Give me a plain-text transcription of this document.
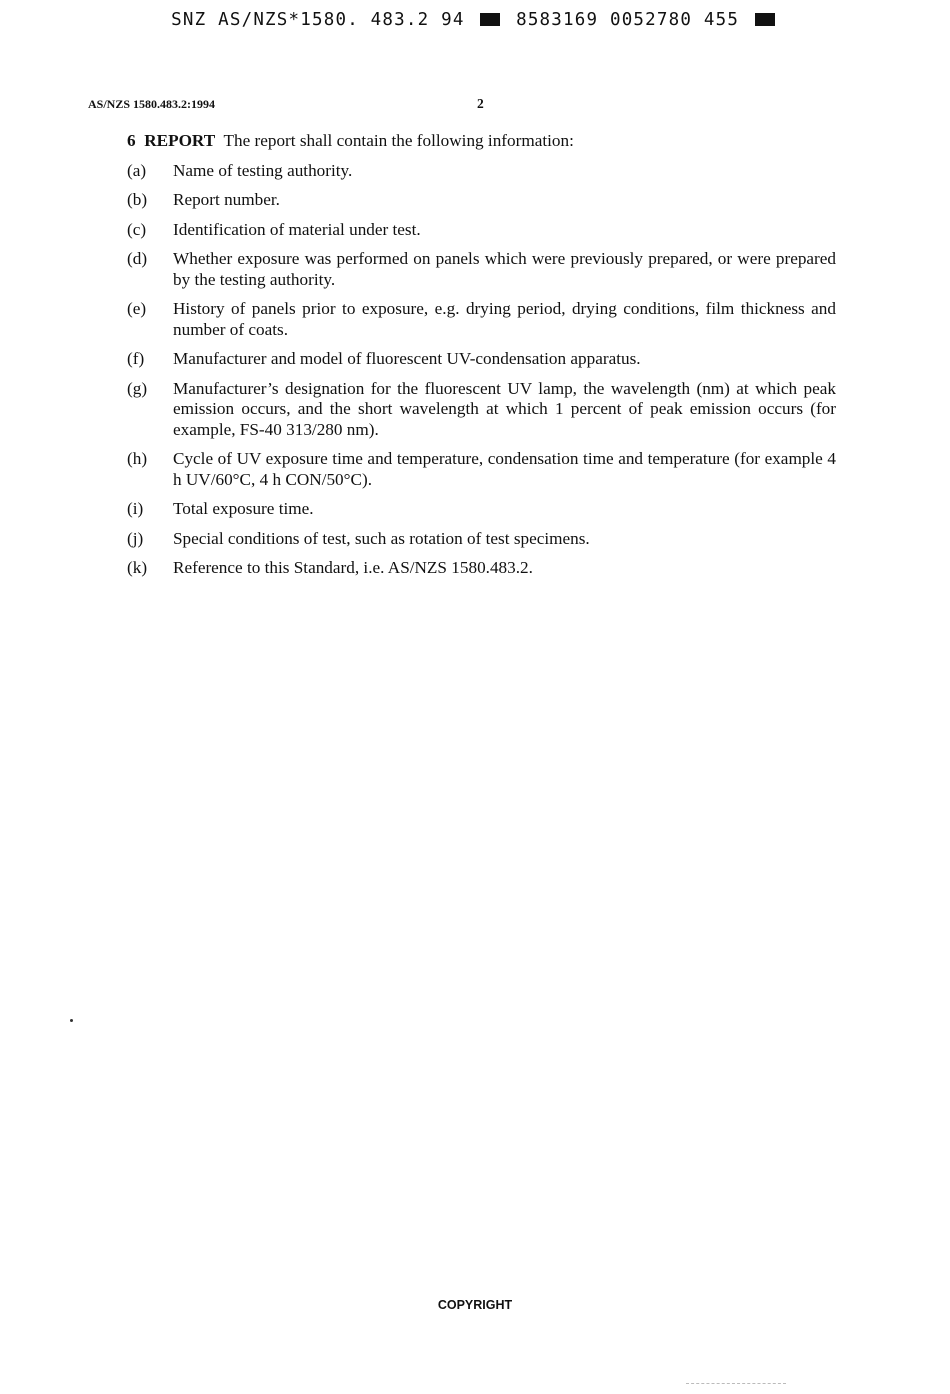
SNZ AS/NZS*1580. 483.2 94	8583169 0052780 455
AS/NZS 1580.483.2:1994	2
6 REPORT The report shall contain the following information:
(a)	Name of testing authority.
(b)	Report number.
(c)	Identification of material under test.
(d)	Whether exposure was performed on panels which were previously prepared, or were prepared by the testing authority.
(e)	History of panels prior to exposure, e.g. drying period, drying conditions, film thickness and number of coats.
(f)	Manufacturer and model of fluorescent UV-condensation apparatus.
(g)	Manufacturer’s designation for the fluorescent UV lamp, the wavelength (nm) at which peak emission occurs, and the short wavelength at which 1 percent of peak emission occurs (for example, FS-40 313/280 nm).
(h)	Cycle of UV exposure time and temperature, condensation time and temperature (for example 4 h UV/60°C, 4 h CON/50°C).
(i)	Total exposure time.
(j)	Special conditions of test, such as rotation of test specimens.
(k)	Reference to this Standard, i.e. AS/NZS 1580.483.2.
COPYRIGHT
